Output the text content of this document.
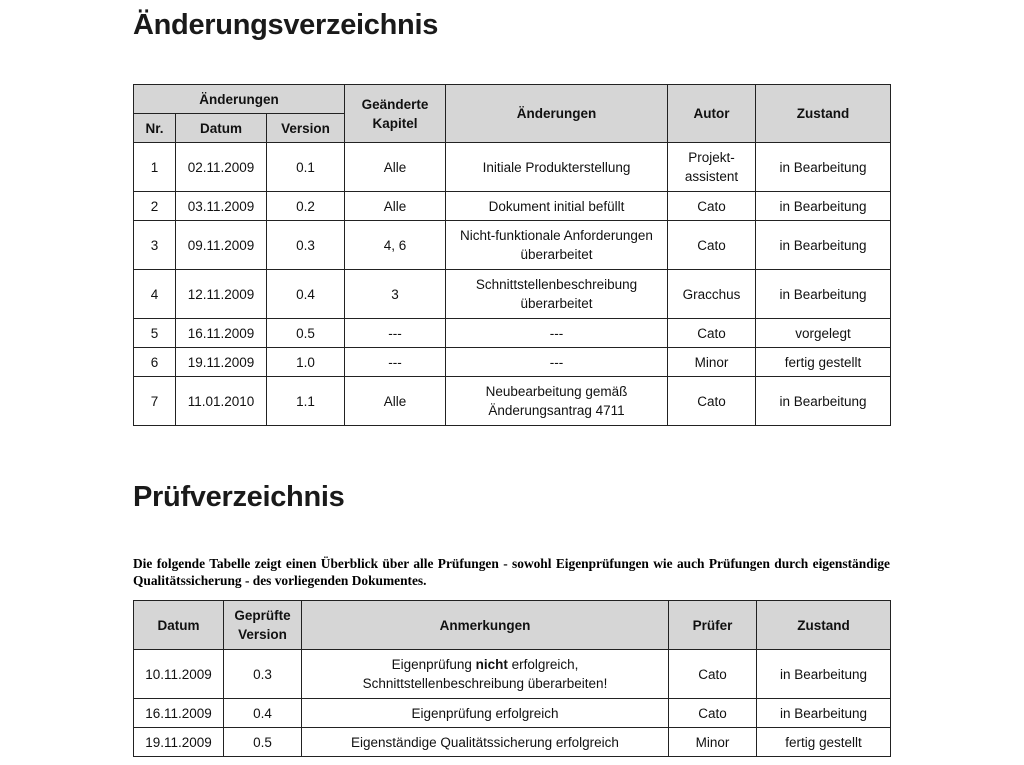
Änderungsverzeichnis
Änderungen			Geänderte Kapitel	Änderungen	Autor	Zustand
Nr.	Datum	Version				
1	02.11.2009	0.1	Alle	Initiale Produkterstellung	Projekt-assistent	in Bearbeitung
2	03.11.2009	0.2	Alle	Dokument initial befüllt	Cato	in Bearbeitung
3	09.11.2009	0.3	4, 6	Nicht-funktionale Anforderungen überarbeitet	Cato	in Bearbeitung
4	12.11.2009	0.4	3	Schnittstellenbeschreibung überarbeitet	Gracchus	in Bearbeitung
5	16.11.2009	0.5	---	---	Cato	vorgelegt
6	19.11.2009	1.0	---	---	Minor	fertig gestellt
7	11.01.2010	1.1	Alle	Neubearbeitung gemäß Änderungsantrag 4711	Cato	in Bearbeitung
Prüfverzeichnis

Die folgende Tabelle zeigt einen Überblick über alle Prüfungen - sowohl Eigenprüfungen wie auch Prüfungen durch eigenständige Qualitätssicherung - des vorliegenden Dokumentes.

Datum	Geprüfte Version	Anmerkungen	Prüfer	Zustand
10.11.2009	0.3	Eigenprüfung nicht erfolgreich, Schnittstellenbeschreibung überarbeiten!	Cato	in Bearbeitung
16.11.2009	0.4	Eigenprüfung erfolgreich	Cato	in Bearbeitung
19.11.2009	0.5	Eigenständige Qualitätssicherung erfolgreich	Minor	fertig gestellt
